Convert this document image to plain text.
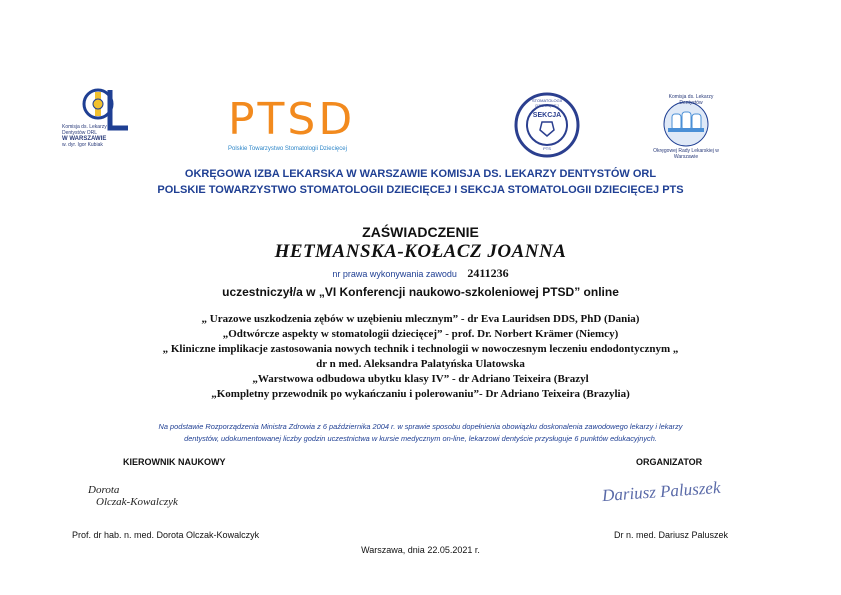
Komisja ds. Lekarzy
Dentystów ORL
W WARSZAWIE
w. dyr. Igor Kubiak	PTSD
Polskie Towarzystwo Stomatologii Dziecięcej
STOMATOLOGII DZIECIĘCEJ
SEKCJA
PTS
Komisja ds. Lekarzy Dentystów
Okręgowej Rady Lekarskiej w Warszawie
OKRĘGOWA IZBA LEKARSKA W WARSZAWIE KOMISJA DS. LEKARZY DENTYSTÓW ORL
POLSKIE TOWARZYSTWO STOMATOLOGII DZIECIĘCEJ I SEKCJA STOMATOLOGII DZIECIĘCEJ PTS
ZAŚWIADCZENIE
HETMANSKA-KOŁACZ JOANNA
nr prawa wykonywania zawodu 2411236
uczestniczył/a w „VI Konferencji naukowo-szkoleniowej PTSD” online
„ Urazowe uszkodzenia zębów w uzębieniu mlecznym” - dr Eva Lauridsen DDS, PhD (Dania)
„Odtwórcze aspekty w stomatologii dziecięcej” - prof. Dr. Norbert Krämer (Niemcy)
„ Kliniczne implikacje zastosowania nowych technik i technologii w nowoczesnym leczeniu endodontycznym „
dr n med. Aleksandra Palatyńska Ulatowska
„Warstwowa odbudowa ubytku klasy IV” - dr Adriano Teixeira (Brazyl
„Kompletny przewodnik po wykańczaniu i polerowaniu”- Dr Adriano Teixeira (Brazylia)
Na podstawie Rozporządzenia Ministra Zdrowia z 6 października 2004 r. w sprawie sposobu dopełnienia obowiązku doskonalenia zawodowego lekarzy i lekarzy
dentystów, udokumentowanej liczby godzin uczestnictwa w kursie medycznym on-line, lekarzowi dentyście przysługuje 6 punktów edukacyjnych.
KIEROWNIK NAUKOWY	ORGANIZATOR
Dorota
Olczak-Kowalczyk	Dariusz Paluszek
Prof. dr hab. n. med. Dorota Olczak-Kowalczyk	Dr n. med. Dariusz Paluszek
Warszawa, dnia 22.05.2021 r.
